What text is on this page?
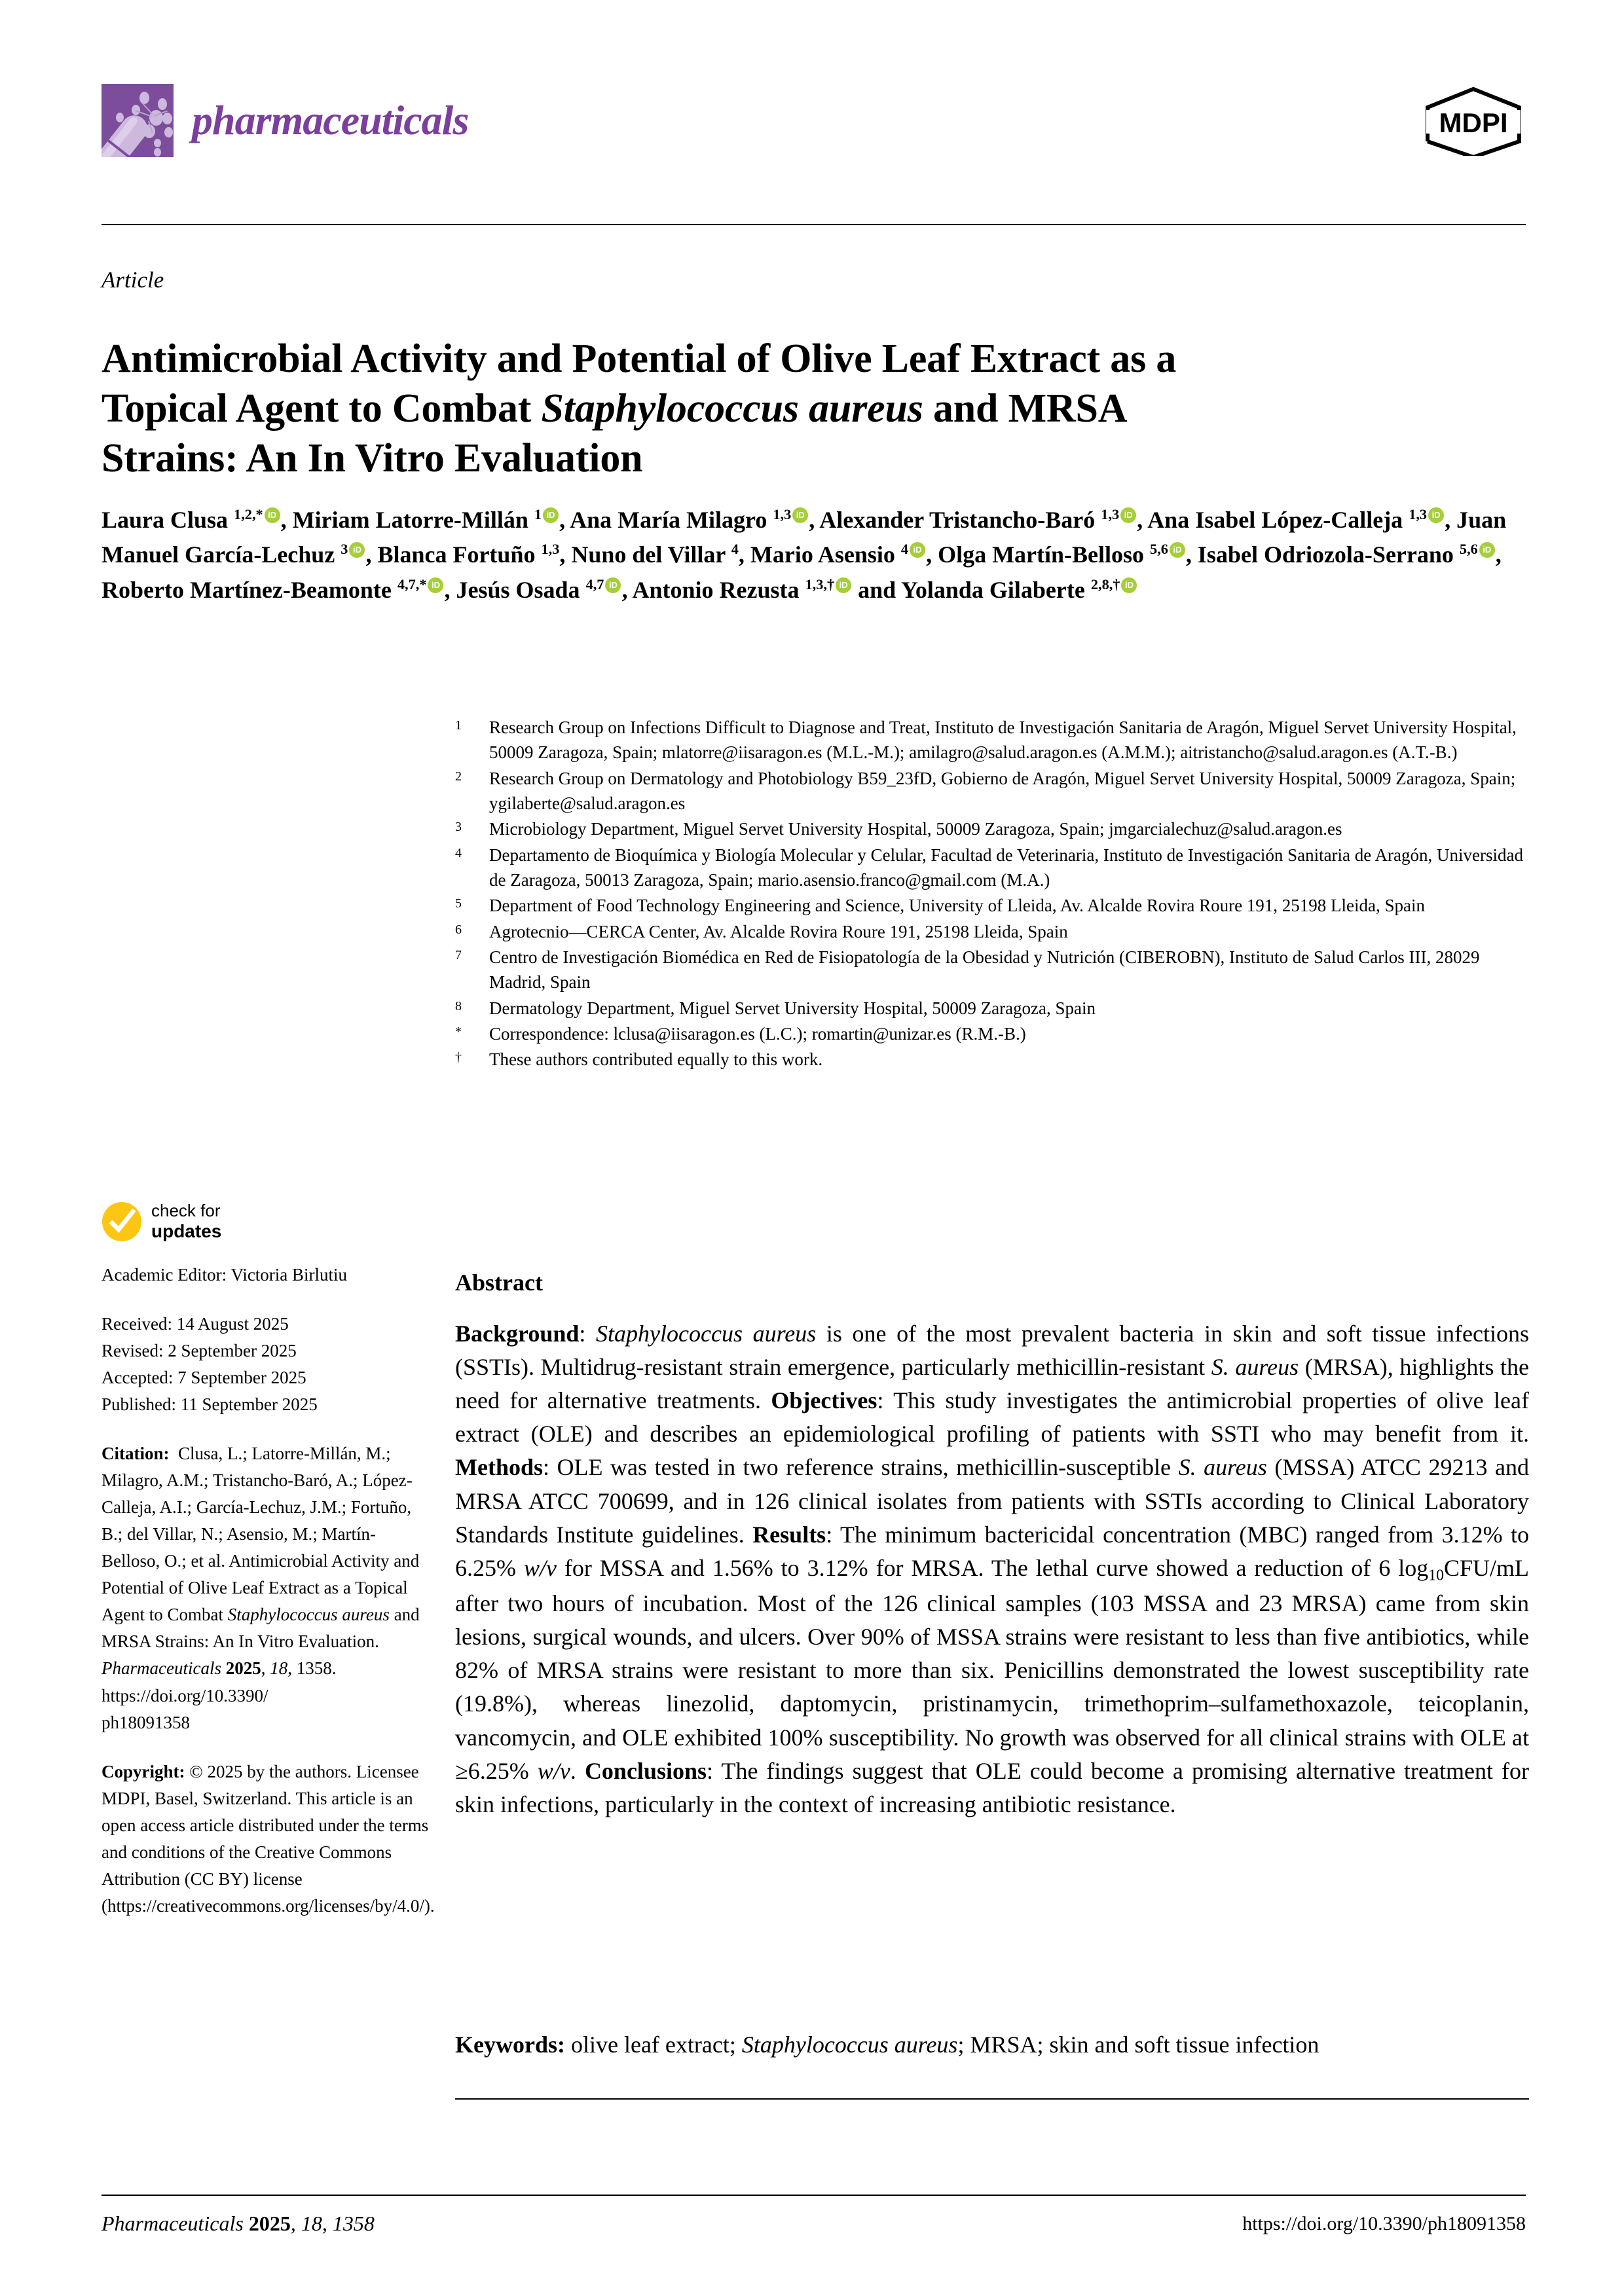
pharmaceuticals	MDPI
Article
Antimicrobial Activity and Potential of Olive Leaf Extract as a
Topical Agent to Combat Staphylococcus aureus and MRSA
Strains: An In Vitro Evaluation
Laura Clusa $^{1,2,*}$ iD , Miriam Latorre-Millán $^1$ iD , Ana María Milagro $^{1,3}$ iD , Alexander Tristancho-Baró $^{1,3}$ iD , Ana Isabel López-Calleja $^{1,3}$ iD , Juan Manuel García-Lechuz $^3$ iD , Blanca Fortuño $^{1,3}$, Nuno del Villar $^4$, Mario Asensio $^4$ iD , Olga Martín-Belloso $^{5,6}$ iD , Isabel Odriozola-Serrano $^{5,6}$ iD , Roberto Martínez-Beamonte $^{4,7,*}$ iD , Jesús Osada $^{4,7}$ iD , Antonio Rezusta $^{1,3,\dagger}$iD and Yolanda Gilaberte $^{2,8,\dagger}$iD
1	Research Group on Infections Difficult to Diagnose and Treat, Instituto de Investigación Sanitaria de Aragón, Miguel Servet University Hospital, 50009 Zaragoza, Spain; mlatorre@iisaragon.es (M.L.-M.); amilagro@salud.aragon.es (A.M.M.); aitristancho@salud.aragon.es (A.T.-B.)
2	Research Group on Dermatology and Photobiology B59_23fD, Gobierno de Aragón, Miguel Servet University Hospital, 50009 Zaragoza, Spain; ygilaberte@salud.aragon.es
3	Microbiology Department, Miguel Servet University Hospital, 50009 Zaragoza, Spain; jmgarcialechuz@salud.aragon.es
4	Departamento de Bioquímica y Biología Molecular y Celular, Facultad de Veterinaria, Instituto de Investigación Sanitaria de Aragón, Universidad de Zaragoza, 50013 Zaragoza, Spain; mario.asensio.franco@gmail.com (M.A.)
5	Department of Food Technology Engineering and Science, University of Lleida, Av. Alcalde Rovira Roure 191, 25198 Lleida, Spain
6	Agrotecnio—CERCA Center, Av. Alcalde Rovira Roure 191, 25198 Lleida, Spain
7	Centro de Investigación Biomédica en Red de Fisiopatología de la Obesidad y Nutrición (CIBEROBN), Instituto de Salud Carlos III, 28029 Madrid, Spain
8	Dermatology Department, Miguel Servet University Hospital, 50009 Zaragoza, Spain
*	Correspondence: lclusa@iisaragon.es (L.C.); romartin@unizar.es (R.M.-B.)
†	These authors contributed equally to this work.
check for
updates
Academic Editor: Victoria Birlutiu
Received: 14 August 2025
Revised: 2 September 2025
Accepted: 7 September 2025
Published: 11 September 2025
Citation: Clusa, L.; Latorre-Millán, M.; Milagro, A.M.; Tristancho-Baró, A.; López-Calleja, A.I.; García-Lechuz, J.M.; Fortuño, B.; del Villar, N.; Asensio, M.; Martín-Belloso, O.; et al. Antimicrobial Activity and Potential of Olive Leaf Extract as a Topical Agent to Combat Staphylococcus aureus and MRSA Strains: An In Vitro Evaluation. Pharmaceuticals 2025, 18, 1358.
https://doi.org/10.3390/
ph18091358
Copyright: © 2025 by the authors. Licensee MDPI, Basel, Switzerland. This article is an open access article distributed under the terms and conditions of the Creative Commons Attribution (CC BY) license (https://creativecommons.org/licenses/by/4.0/).
Abstract
Background: Staphylococcus aureus is one of the most prevalent bacteria in skin and soft tissue infections (SSTIs). Multidrug-resistant strain emergence, particularly methicillin-resistant S. aureus (MRSA), highlights the need for alternative treatments. Objectives: This study investigates the antimicrobial properties of olive leaf extract (OLE) and describes an epidemiological profiling of patients with SSTI who may benefit from it. Methods: OLE was tested in two reference strains, methicillin-susceptible S. aureus (MSSA) ATCC 29213 and MRSA ATCC 700699, and in 126 clinical isolates from patients with SSTIs according to Clinical Laboratory Standards Institute guidelines. Results: The minimum bactericidal concentration (MBC) ranged from 3.12% to 6.25% w/v for MSSA and 1.56% to 3.12% for MRSA. The lethal curve showed a reduction of 6 $\log_{10}CFU/mL$ after two hours of incubation. Most of the 126 clinical samples (103 MSSA and 23 MRSA) came from skin lesions, surgical wounds, and ulcers. Over 90% of MSSA strains were resistant to less than five antibiotics, while 82% of MRSA strains were resistant to more than six. Penicillins demonstrated the lowest susceptibility rate (19.8%), whereas linezolid, daptomycin, pristinamycin, trimethoprim–sulfamethoxazole, teicoplanin, vancomycin, and OLE exhibited 100% susceptibility. No growth was observed for all clinical strains with OLE at ≥6.25% w/v. Conclusions: The findings suggest that OLE could become a promising alternative treatment for skin infections, particularly in the context of increasing antibiotic resistance.
Keywords: olive leaf extract; Staphylococcus aureus; MRSA; skin and soft tissue infection
Pharmaceuticals 2025, 18, 1358	https://doi.org/10.3390/ph18091358
